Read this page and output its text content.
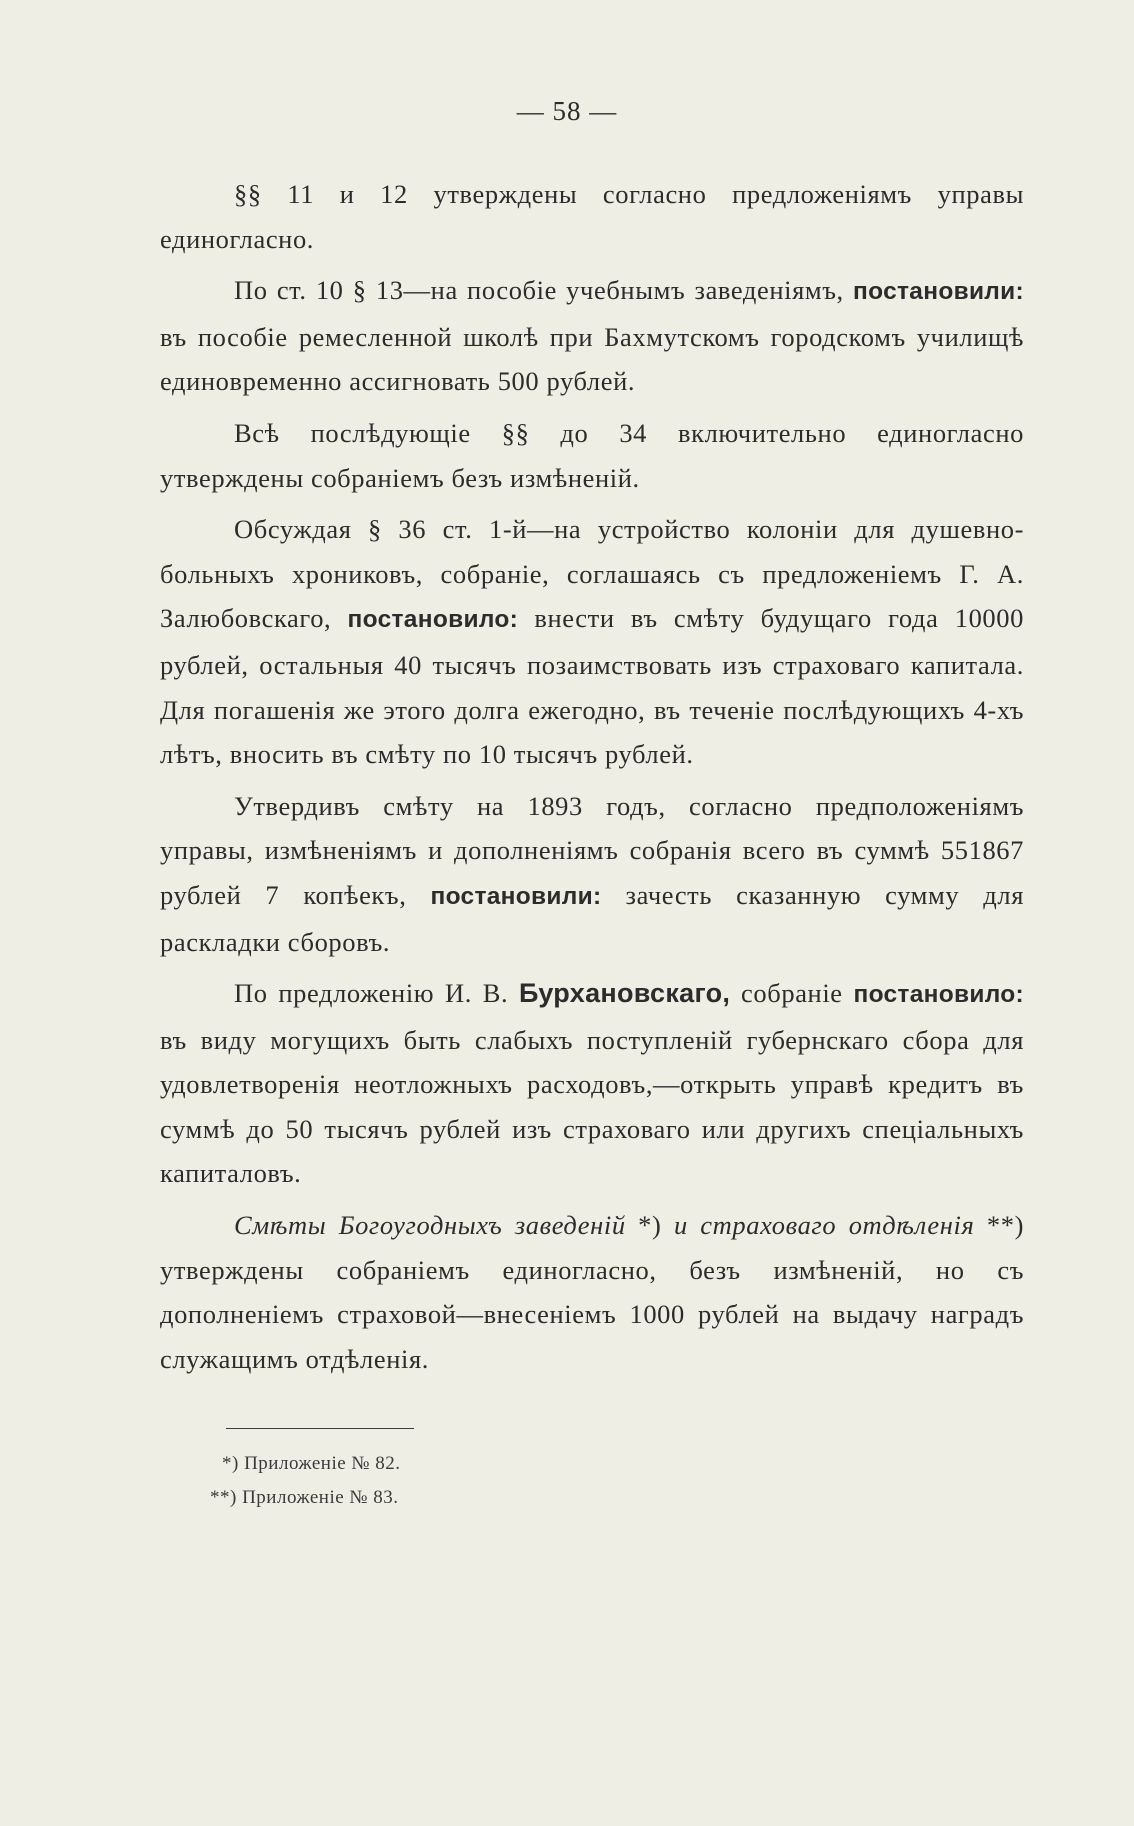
— 58 —

§§ 11 и 12 утверждены согласно предложеніямъ управы единогласно.

По ст. 10 § 13—на пособіе учебнымъ заведеніямъ, постановили: въ пособіе ремесленной школѣ при Бахмутскомъ городскомъ училищѣ единовременно ассигновать 500 рублей.

Всѣ послѣдующіе §§ до 34 включительно единогласно утверждены собраніемъ безъ измѣненій.

Обсуждая § 36 ст. 1-й—на устройство колоніи для душевно-больныхъ хрониковъ, собраніе, соглашаясь съ предложеніемъ Г. А. Залюбовскаго, постановило: внести въ смѣту будущаго года 10000 рублей, остальныя 40 тысячъ позаимствовать изъ страховаго капитала. Для погашенія же этого долга ежегодно, въ теченіе послѣдующихъ 4-хъ лѣтъ, вносить въ смѣту по 10 тысячъ рублей.

Утвердивъ смѣту на 1893 годъ, согласно предположеніямъ управы, измѣненіямъ и дополненіямъ собранія всего въ суммѣ 551867 рублей 7 копѣекъ, постановили: зачесть сказанную сумму для раскладки сборовъ.

По предложенію И. В. Бурхановскаго, собраніе постановило: въ виду могущихъ быть слабыхъ поступленій губернскаго сбора для удовлетворенія неотложныхъ расходовъ,—открыть управѣ кредитъ въ суммѣ до 50 тысячъ рублей изъ страховаго или другихъ спеціальныхъ капиталовъ.

Смѣты Богоугодныхъ заведеній *) и страховаго отдѣленія **) утверждены собраніемъ единогласно, безъ измѣненій, но съ дополненіемъ страховой—внесеніемъ 1000 рублей на выдачу наградъ служащимъ отдѣленія.

*) Приложеніе № 82.
**) Приложеніе № 83.
